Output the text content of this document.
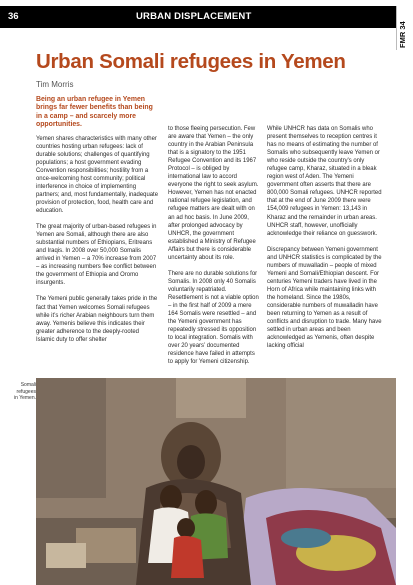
36	URBAN DISPLACEMENT
FMR 34
Urban Somali refugees in Yemen
Tim Morris

Being an urban refugee in Yemen brings far fewer benefits than being in a camp – and scarcely more opportunities.

Yemen shares characteristics with many other countries hosting urban refugees: lack of durable solutions; challenges of quantifying populations; a host government evading Convention responsibilities; hostility from a once-welcoming host community; political interference in choice of implementing partners; and, most fundamentally, inadequate provision of protection, food, health care and education.

The great majority of urban-based refugees in Yemen are Somali, although there are also substantial numbers of Ethiopians, Eritreans and Iraqis. In 2008 over 50,000 Somalis arrived in Yemen – a 70% increase from 2007 – as increasing numbers flee conflict between the government of Ethiopia and Oromo insurgents.

The Yemeni public generally takes pride in the fact that Yemen welcomes Somali refugees while it’s richer Arabian neighbours turn them away. Yemenis believe this indicates their greater adherence to the deeply-rooted Islamic duty to offer shelter

to those fleeing persecution. Few are aware that Yemen – the only country in the Arabian Peninsula that is a signatory to the 1951 Refugee Convention and its 1967 Protocol – is obliged by international law to accord everyone the right to seek asylum. However, Yemen has not enacted national refugee legislation, and refugee matters are dealt with on an ad hoc basis. In June 2009, after prolonged advocacy by UNHCR, the government established a Ministry of Refugee Affairs but there is considerable uncertainty about its role.

There are no durable solutions for Somalis. In 2008 only 40 Somalis voluntarily repatriated. Resettlement is not a viable option – in the first half of 2009 a mere 164 Somalis were resettled – and the Yemeni government has repeatedly stressed its opposition to local integration. Somalis with over 20 years’ documented residence have failed in attempts to apply for Yemeni citizenship.

While UNHCR has data on Somalis who present themselves to reception centres it has no means of estimating the number of Somalis who subsequently leave Yemen or who reside outside the country’s only refugee camp, Kharaz, situated in a bleak region west of Aden. The Yemeni government often asserts that there are 800,000 Somali refugees. UNHCR reported that at the end of June 2009 there were 154,009 refugees in Yemen: 13,143 in Kharaz and the remainder in urban areas. UNHCR staff, however, unofficially acknowledge their reliance on guesswork.

Discrepancy between Yemeni government and UNHCR statistics is complicated by the numbers of muwalladin – people of mixed Yemeni and Somali/Ethiopian descent. For centuries Yemeni traders have lived in the Horn of Africa while maintaining links with the homeland. Since the 1980s, considerable numbers of muwalladin have been returning to Yemen as a result of conflicts and disruption to trade. Many have settled in urban areas and been acknowledged as Yemenis, often despite lacking official

Somali refugees in Yemen.
